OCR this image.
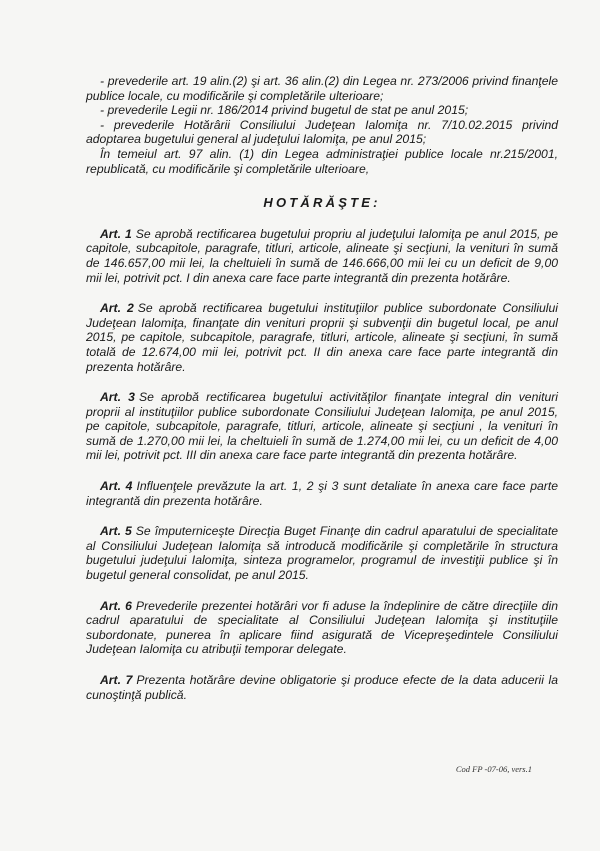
- prevederile art. 19 alin.(2) şi art. 36 alin.(2) din Legea nr. 273/2006 privind finanţele publice locale, cu modificările şi completările ulterioare;

- prevederile Legii nr. 186/2014 privind bugetul de stat pe anul 2015;

- prevederile Hotărârii Consiliului Judeţean Ialomiţa nr. 7/10.02.2015 privind adoptarea bugetului general al judeţului Ialomiţa, pe anul 2015;

În temeiul art. 97 alin. (1) din Legea administraţiei publice locale nr.215/2001, republicată, cu modificările şi completările ulterioare,

HOTĂRĂŞTE:

Art. 1 Se aprobă rectificarea bugetului propriu al judeţului Ialomiţa pe anul 2015, pe capitole, subcapitole, paragrafe, titluri, articole, alineate şi secţiuni, la venituri în sumă de 146.657,00 mii lei, la cheltuieli în sumă de 146.666,00 mii lei cu un deficit de 9,00 mii lei, potrivit pct. I din anexa care face parte integrantă din prezenta hotărâre.

Art. 2 Se aprobă rectificarea bugetului instituţiilor publice subordonate Consiliului Judeţean Ialomiţa, finanţate din venituri proprii şi subvenţii din bugetul local, pe anul 2015, pe capitole, subcapitole, paragrafe, titluri, articole, alineate şi secţiuni, în sumă totală de 12.674,00 mii lei, potrivit pct. II din anexa care face parte integrantă din prezenta hotărâre.

Art. 3 Se aprobă rectificarea bugetului activităţilor finanţate integral din venituri proprii al instituţiilor publice subordonate Consiliului Judeţean Ialomiţa, pe anul 2015, pe capitole, subcapitole, paragrafe, titluri, articole, alineate şi secţiuni , la venituri în sumă de 1.270,00 mii lei, la cheltuieli în sumă de 1.274,00 mii lei, cu un deficit de 4,00 mii lei, potrivit pct. III din anexa care face parte integrantă din prezenta hotărâre.

Art. 4 Influenţele prevăzute la art. 1, 2 şi 3 sunt detaliate în anexa care face parte integrantă din prezenta hotărâre.

Art. 5 Se împuterniceşte Direcţia Buget Finanţe din cadrul aparatului de specialitate al Consiliului Judeţean Ialomiţa să introducă modificările şi completările în structura bugetului judeţului Ialomiţa, sinteza programelor, programul de investiţii publice şi în bugetul general consolidat, pe anul 2015.

Art. 6 Prevederile prezentei hotărâri vor fi aduse la îndeplinire de către direcţiile din cadrul aparatului de specialitate al Consiliului Judeţean Ialomiţa şi instituţiile subordonate, punerea în aplicare fiind asigurată de Vicepreşedintele Consiliului Judeţean Ialomiţa cu atribuţii temporar delegate.

Art. 7 Prezenta hotărâre devine obligatorie şi produce efecte de la data aducerii la cunoştinţă publică.

Cod FP -07-06, vers.1
